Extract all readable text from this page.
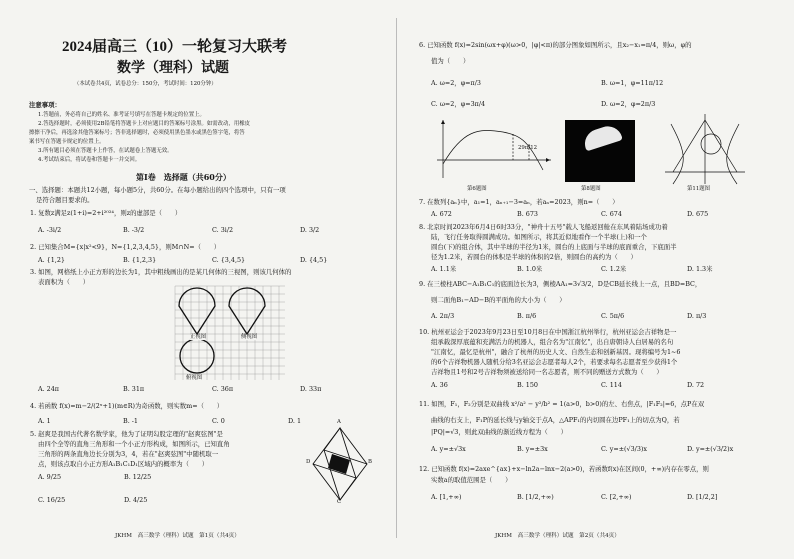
2024届高三（10）一轮复习大联考
数学（理科）试题
（本试卷共4页，试卷总分：150分，考试时间：120分钟）
注意事项：
1.答题前，务必将自己的姓名、准考证号填写在答题卡规定的位置上。
2.答选择题时，必须使用2B铅笔将答题卡上对应题目的答案标号涂黑。如需改动，用橡皮
擦擦干净后，再选涂其他答案标号；答非选择题时，必须使用黑色墨水或黑色签字笔，将答
案书写在答题卡规定的位置上。
3.所有题目必须在答题卡上作答，在试题卷上答题无效。
4.考试结束后，将试卷和答题卡一并交回。
第Ⅰ卷　选择题（共60分）
一、选择题：本题共12小题，每小题5分，共60分。在每小题给出的四个选项中，只有一项
是符合题目要求的。
1. 复数z满足z(1+i)=2+i²⁰²⁴，则z的虚部是（　　）
A. -3i/2	B. -3/2	C. 3i/2	D. 3/2
2. 已知集合M={x|x²<9}，N={1,2,3,4,5}，则M∩N=（　　）
A. {1,2}	B. {1,2,3}	C. {3,4,5}	D. {4,5}
3. 如图，网格纸上小正方形的边长为1，其中粗线画出的是某几何体的三视图，则该几何体的
表面积为（　　）
正视图	侧视图
俯视图
A. 24π	B. 31π	C. 36π	D. 33π
4. 若函数 f(x)=m−2/(2ˣ+1)(m∈R)为奇函数，则实数m=（　　）
A. 1	B. -1	C. 0	D. 1
5. 赵爽是我国古代著名数学家，他为了证明勾股定理的"赵爽弦图"是
由四个全等的直角三角形和一个小正方形构成，如图所示，已知直角
三角形的两条直角边长分别为3，4，若在"赵爽弦图"中随机取一
点，则该点取自小正方形A₁B₁C₁D₁区域内的概率为（　　）	D
A
C
B
A. 9/25	B. 12/25
C. 16/25	D. 4/25
JKHM　高三数学（理科）试题　第1页（共4页）
6. 已知函数 f(x)=2sin(ωx+φ)(ω>0，|φ|<π)的部分图象如图所示，且x₂−x₁=π/4，则ω，φ的
值为（　　）
A. ω=2，φ=π/3	B. ω=1，φ=11π/12
C. ω=2，φ=3π/4	D. ω=2，φ=2π/3
29π/12
第6题图	第8题图	第11题图
7. 在数列{aₙ}中，a₁=1，aₙ₊₁−3=aₙ，若aₙ=2023，则n=（　　）
A. 672	B. 673	C. 674	D. 675
8. 北京时间2023年6月4日6时33分，"神舟十五号"载人飞船返回舱在东风着陆场成功着
陆，飞行任务取得圆满成功。如图所示，将其近似地看作一个半球(上)和一个
圆台(下)的组合体，其中半球的半径为1米，圆台的上底面与半球的底面重合，下底面半
径为1.2米，若圆台的体积是半球的体积的2倍，则圆台的高约为（　　）
A. 1.1米	B. 1.0米	C. 1.2米	D. 1.3米
9. 在三棱柱ABC−A₁B₁C₁的底面边长为3，侧棱AA₁=3√3/2，D是CB延长线上一点，且BD=BC，
则二面角B₁−AD−B的平面角的大小为（　　）
A. 2π/3	B. π/6	C. 5π/6	D. π/3
10. 杭州亚运会于2023年9月23日至10月8日在中国浙江杭州举行，杭州亚运会吉祥物是一
组承载深厚底蕴和充满活力的机器人，组合名为"江南忆"，出自唐朝诗人白居易的名句
"江南忆，最忆是杭州"，融合了杭州的历史人文、自然生态和创新基因。现将编号为1~6
的6个吉祥物机器人随机分给3名亚运会志愿者每人2个，若要求每名志愿者至少获得1个
吉祥物且1号和2号吉祥物须被送给同一名志愿者，则不同的赠送方式数为（　　）
A. 36	B. 150	C. 114	D. 72
11. 如图，F₁，F₂分别是双曲线 x²/a² − y²/b² = 1(a>0，b>0)的左、右焦点，|F₁F₂|=6，点P在双
曲线的右支上，F₁P的延长线与y轴交于点A，△APF₁的内切圆在边PF₁上的切点为Q，若
|PQ|=√3，则此双曲线的渐近线方程为（　　）
A. y=±√3x	B. y=±3x	C. y=±(√3/3)x	D. y=±(√3/2)x
12. 已知函数 f(x)=2axe^{ax}+x−ln2a−lnx−2(a>0)，若函数f(x)在区间(0，+∞)内存在零点，则
实数a的取值范围是（　　）
A. [1,+∞)	B. [1/2,+∞)	C. [2,+∞)	D. [1/2,2]
JKHM　高三数学（理科）试题　第2页（共4页）
